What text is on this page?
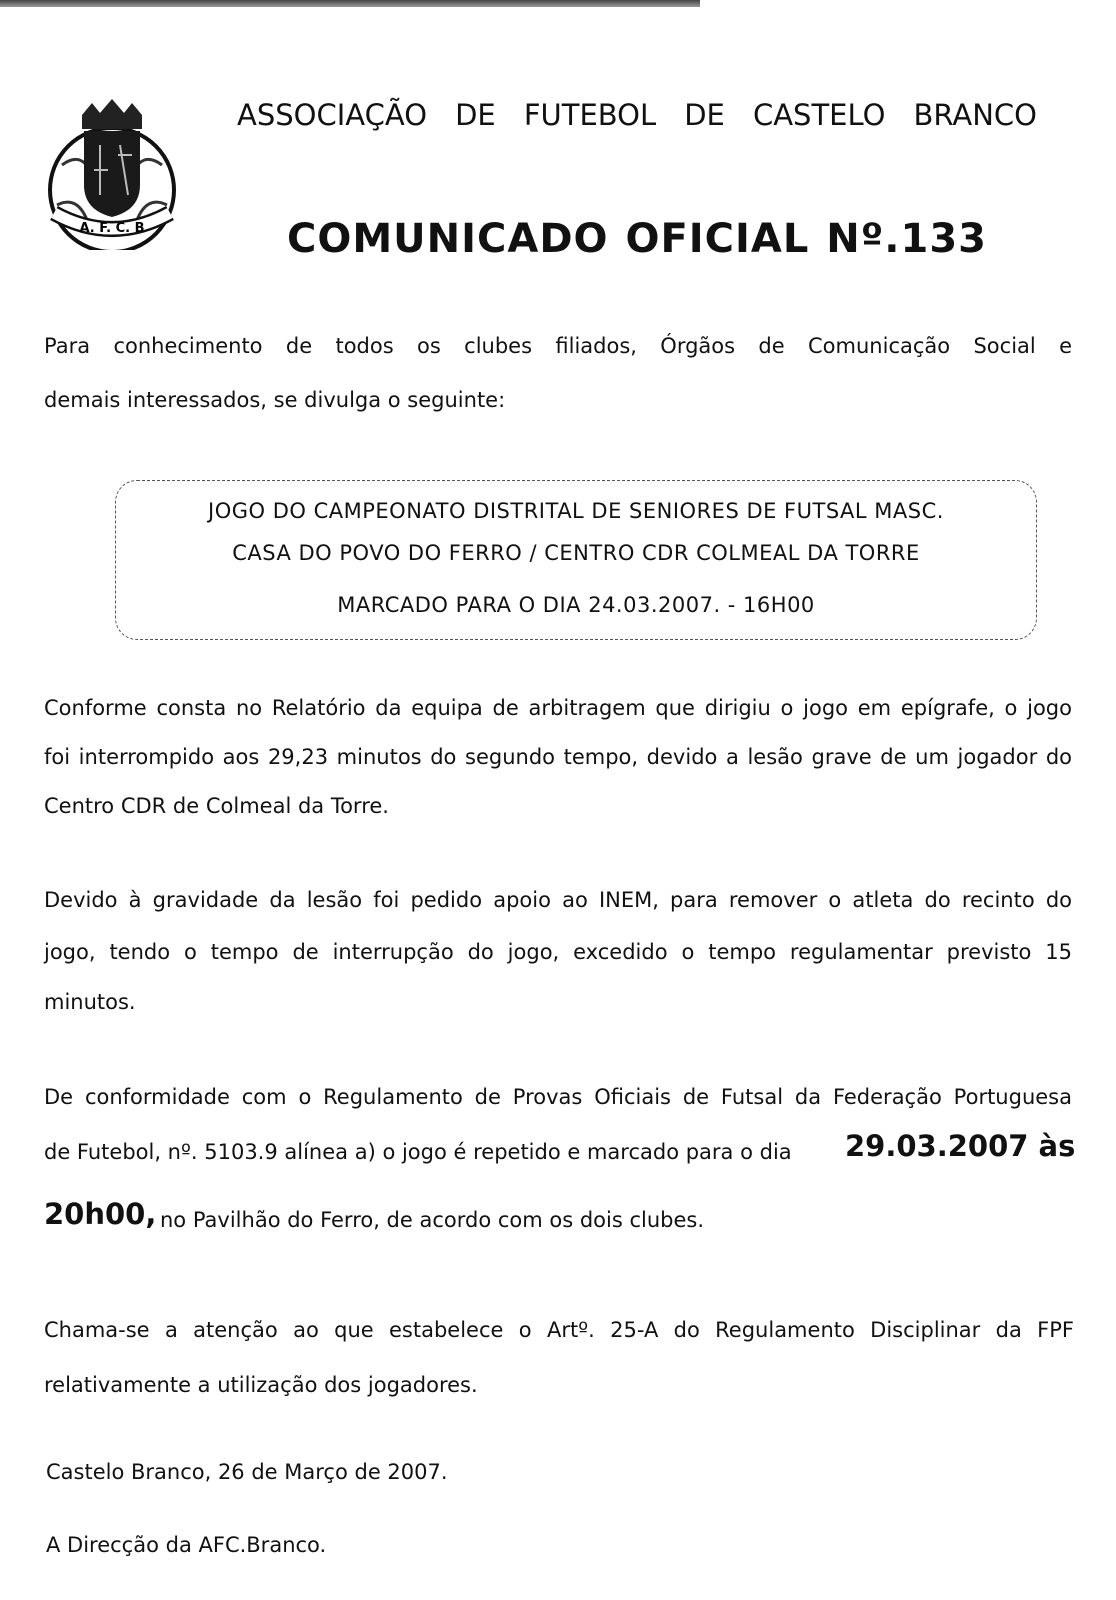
A. F. C. B
ASSOCIAÇÃO DE FUTEBOL DE CASTELO BRANCO
COMUNICADO OFICIAL Nº.133
Para conhecimento de todos os clubes filiados, Órgãos de Comunicação Social e
demais interessados, se divulga o seguinte:
JOGO DO CAMPEONATO DISTRITAL DE SENIORES DE FUTSAL MASC.
CASA DO POVO DO FERRO / CENTRO CDR COLMEAL DA TORRE
MARCADO PARA O DIA 24.03.2007. - 16H00
Conforme consta no Relatório da equipa de arbitragem que dirigiu o jogo em epígrafe, o jogo
foi interrompido aos 29,23 minutos do segundo tempo, devido a lesão grave de um jogador do
Centro CDR de Colmeal da Torre.
Devido à gravidade da lesão foi pedido apoio ao INEM, para remover o atleta do recinto do
jogo, tendo o tempo de interrupção do jogo, excedido o tempo regulamentar previsto 15
minutos.
De conformidade com o Regulamento de Provas Oficiais de Futsal da Federação Portuguesa
de Futebol, nº. 5103.9 alínea a) o jogo é repetido e marcado para o dia 29.03.2007 às
20h00, no Pavilhão do Ferro, de acordo com os dois clubes.
Chama-se a atenção ao que estabelece o Artº. 25-A do Regulamento Disciplinar da FPF
relativamente a utilização dos jogadores.
Castelo Branco, 26 de Março de 2007.
A Direcção da AFC.Branco.
